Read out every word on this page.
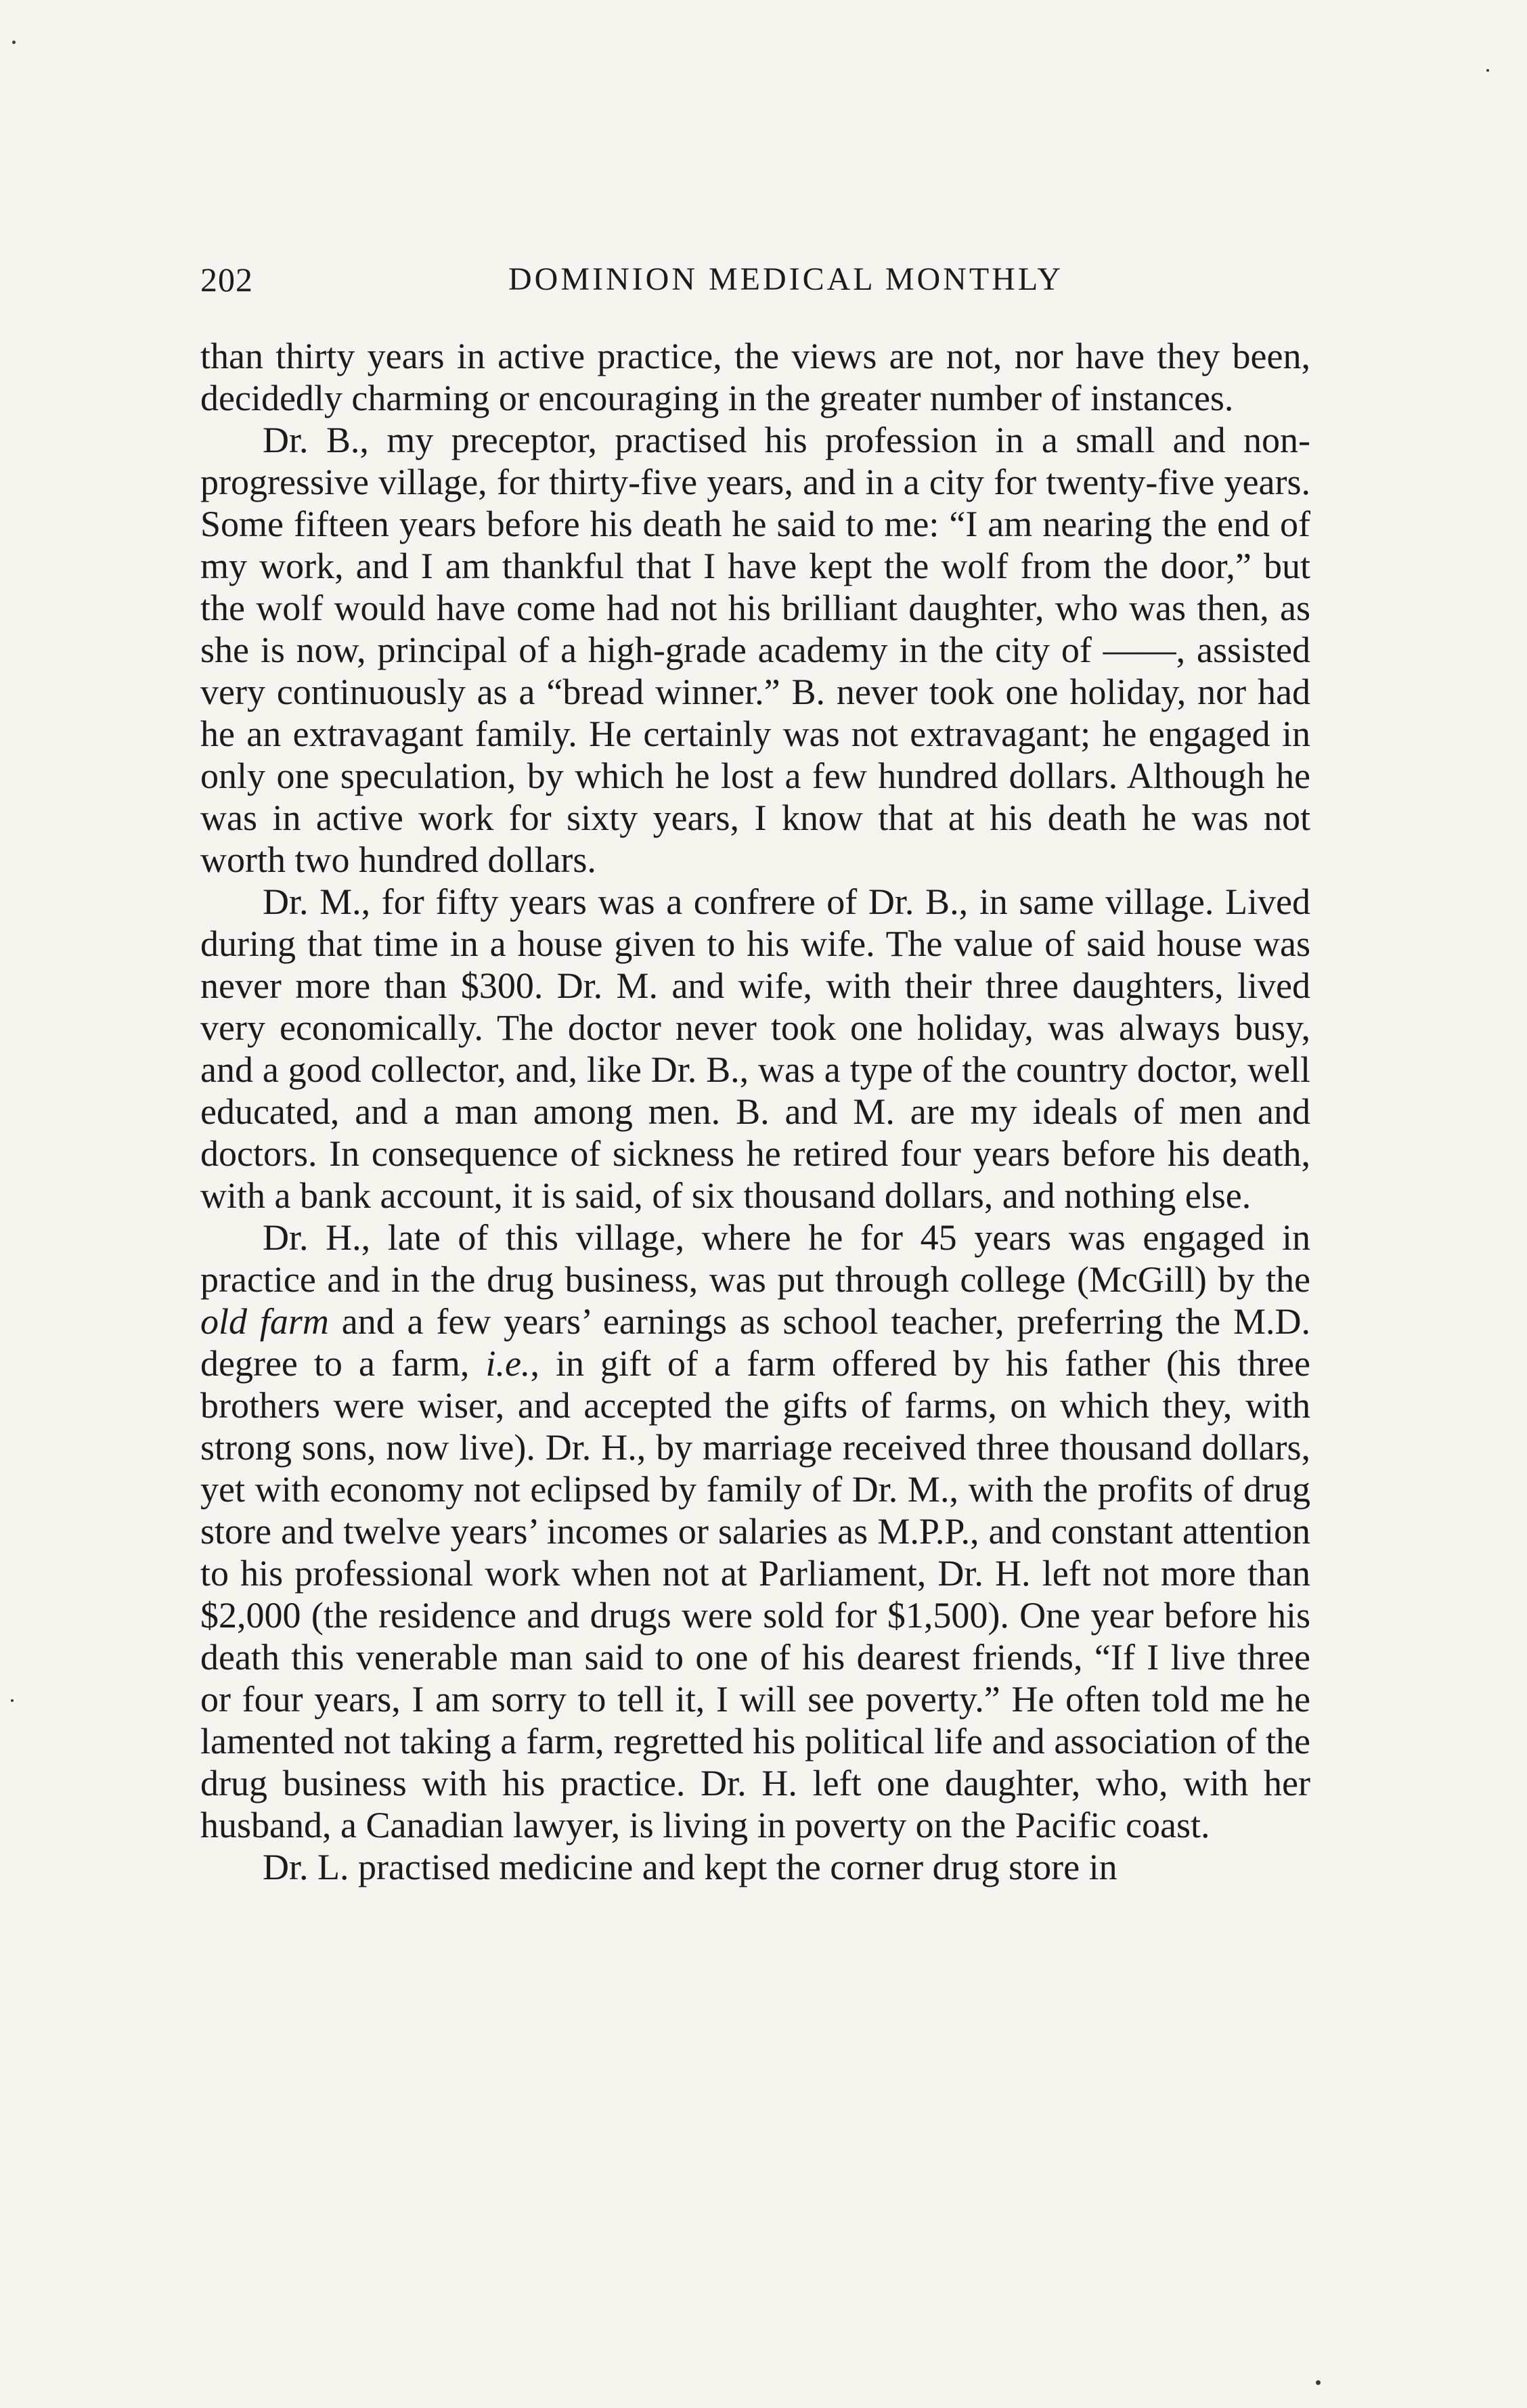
202	DOMINION MEDICAL MONTHLY

than thirty years in active practice, the views are not, nor have they been, decidedly charming or encouraging in the greater number of instances.

Dr. B., my preceptor, practised his profession in a small and non-progressive village, for thirty-five years, and in a city for twenty-five years. Some fifteen years before his death he said to me: “I am nearing the end of my work, and I am thankful that I have kept the wolf from the door,” but the wolf would have come had not his brilliant daughter, who was then, as she is now, principal of a high-grade academy in the city of ——, assisted very continuously as a “bread winner.” B. never took one holiday, nor had he an extravagant family. He certainly was not extravagant; he engaged in only one speculation, by which he lost a few hundred dollars. Although he was in active work for sixty years, I know that at his death he was not worth two hundred dollars.

Dr. M., for fifty years was a confrere of Dr. B., in same village. Lived during that time in a house given to his wife. The value of said house was never more than $300. Dr. M. and wife, with their three daughters, lived very economically. The doctor never took one holiday, was always busy, and a good collector, and, like Dr. B., was a type of the country doctor, well educated, and a man among men. B. and M. are my ideals of men and doctors. In consequence of sickness he retired four years before his death, with a bank account, it is said, of six thousand dollars, and nothing else.

Dr. H., late of this village, where he for 45 years was engaged in practice and in the drug business, was put through college (McGill) by the old farm and a few years’ earnings as school teacher, preferring the M.D. degree to a farm, i.e., in gift of a farm offered by his father (his three brothers were wiser, and accepted the gifts of farms, on which they, with strong sons, now live). Dr. H., by marriage received three thousand dollars, yet with economy not eclipsed by family of Dr. M., with the profits of drug store and twelve years’ incomes or salaries as M.P.P., and constant attention to his professional work when not at Parliament, Dr. H. left not more than $2,000 (the residence and drugs were sold for $1,500). One year before his death this venerable man said to one of his dearest friends, “If I live three or four years, I am sorry to tell it, I will see poverty.” He often told me he lamented not taking a farm, regretted his political life and association of the drug business with his practice. Dr. H. left one daughter, who, with her husband, a Canadian lawyer, is living in poverty on the Pacific coast.

Dr. L. practised medicine and kept the corner drug store in
